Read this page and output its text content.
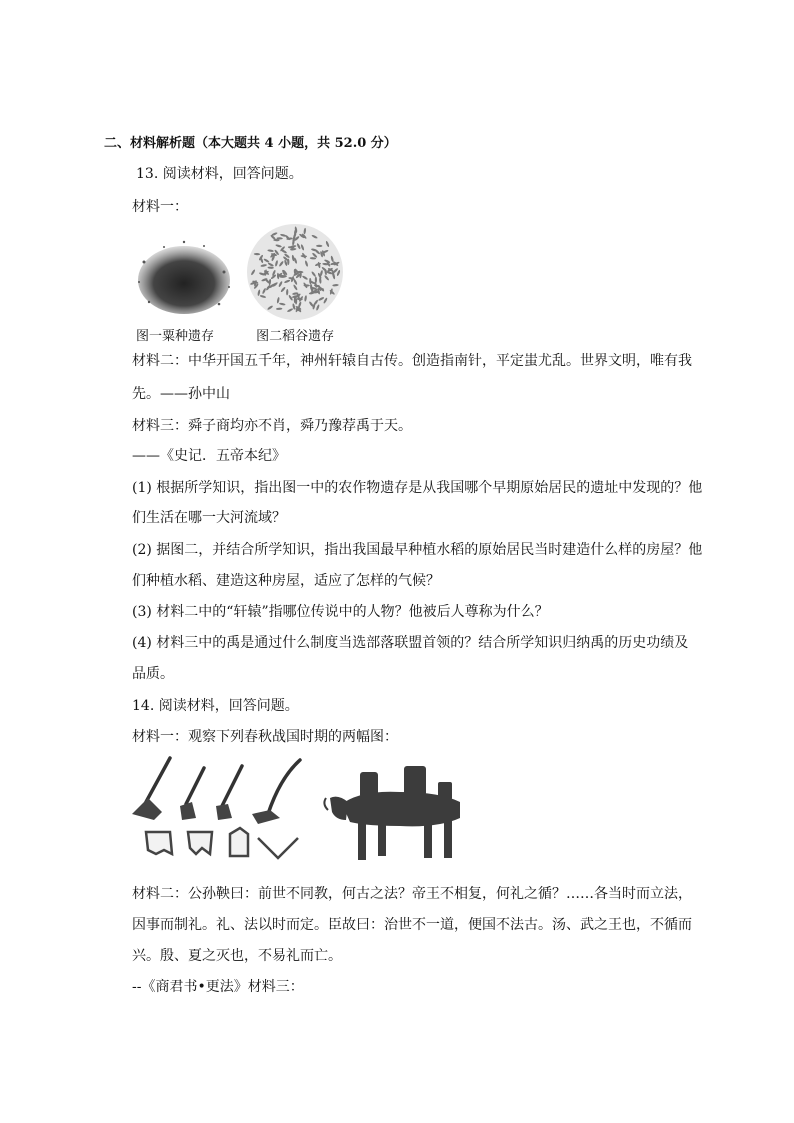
二、材料解析题（本大题共 4 小题，共 52.0 分）
13. 阅读材料，回答问题。
材料一：
图一粟种遗存	图二稻谷遗存
材料二：中华开国五千年，神州轩辕自古传。创造指南针，平定蚩尤乱。世界文明，唯有我
先。——孙中山
材料三：舜子商均亦不肖，舜乃豫荐禹于天。
——《史记．五帝本纪》
(1) 根据所学知识，指出图一中的农作物遗存是从我国哪个早期原始居民的遗址中发现的？他
们生活在哪一大河流域？
(2) 据图二，并结合所学知识，指出我国最早种植水稻的原始居民当时建造什么样的房屋？他
们种植水稻、建造这种房屋，适应了怎样的气候？
(3) 材料二中的“轩辕”指哪位传说中的人物？他被后人尊称为什么？
(4) 材料三中的禹是通过什么制度当选部落联盟首领的？结合所学知识归纳禹的历史功绩及
品质。
14. 阅读材料，回答问题。
材料一：观察下列春秋战国时期的两幅图：
材料二：公孙鞅曰：前世不同教，何古之法？帝王不相复，何礼之循？……各当时而立法，
因事而制礼。礼、法以时而定。臣故曰：治世不一道，便国不法古。汤、武之王也，不循而
兴。殷、夏之灭也，不易礼而亡。
--《商君书•更法》材料三：
